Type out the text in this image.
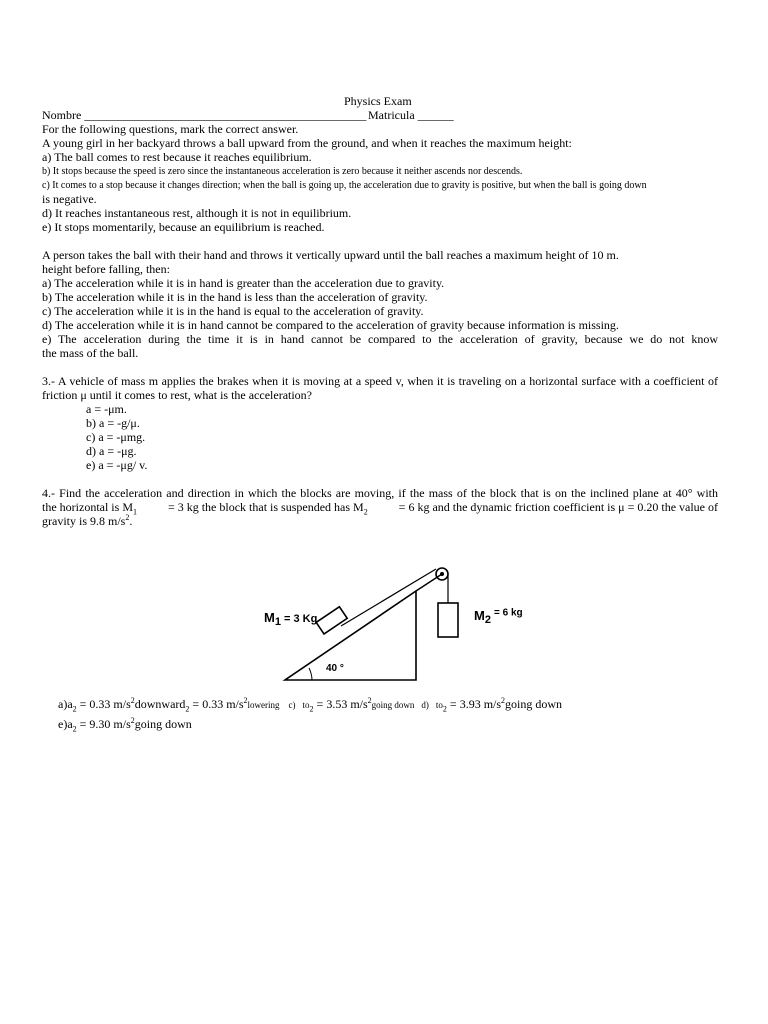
Physics Exam
Nombre _______________________________________________ Matricula ______
For the following questions, mark the correct answer.
A young girl in her backyard throws a ball upward from the ground, and when it reaches the maximum height:
a) The ball comes to rest because it reaches equilibrium.
b) It stops because the speed is zero since the instantaneous acceleration is zero because it neither ascends nor descends.
c) It comes to a stop because it changes direction; when the ball is going up, the acceleration due to gravity is positive, but when the ball is going down
is negative.
d) It reaches instantaneous rest, although it is not in equilibrium.
e) It stops momentarily, because an equilibrium is reached.
A person takes the ball with their hand and throws it vertically upward until the ball reaches a maximum height of 10 m.
height before falling, then:
a) The acceleration while it is in hand is greater than the acceleration due to gravity.
b) The acceleration while it is in the hand is less than the acceleration of gravity.
c) The acceleration while it is in the hand is equal to the acceleration of gravity.
d) The acceleration while it is in hand cannot be compared to the acceleration of gravity because information is missing.
e) The acceleration during the time it is in hand cannot be compared to the acceleration of gravity, because we do not know
the mass of the ball.
3.- A vehicle of mass m applies the brakes when it is moving at a speed v, when it is traveling on a horizontal surface with a coefficient of
friction μ until it comes to rest, what is the acceleration?
a = -μm.
b) a = -g/μ.
c) a = -μmg.
d) a = -μg.
e) a = -μg/ v.
4.- Find the acceleration and direction in which the blocks are moving, if the mass of the block that is on the inclined plane at 40° with
the horizontal is $M_1$	= 3 kg the block that is suspended has $M_2$	= 6 kg and the dynamic friction coefficient is μ = 0.20 the value of
gravity is 9.8 $m/s^2$.
$M_1 = 3$ Kg	$M_2$ $^{= 6 kg}$
40 °
$a)a_2 = 0.33$ $m/s^2downward_2 = 0.33$ $m/s^2lowering$ c) $to_2 = 3.53$ $m/s^2going$ down d) $to_2 = 3.93$ $m/s^2going$ down
$e)a_2 = 9.30$ $m/s^2going$ down
